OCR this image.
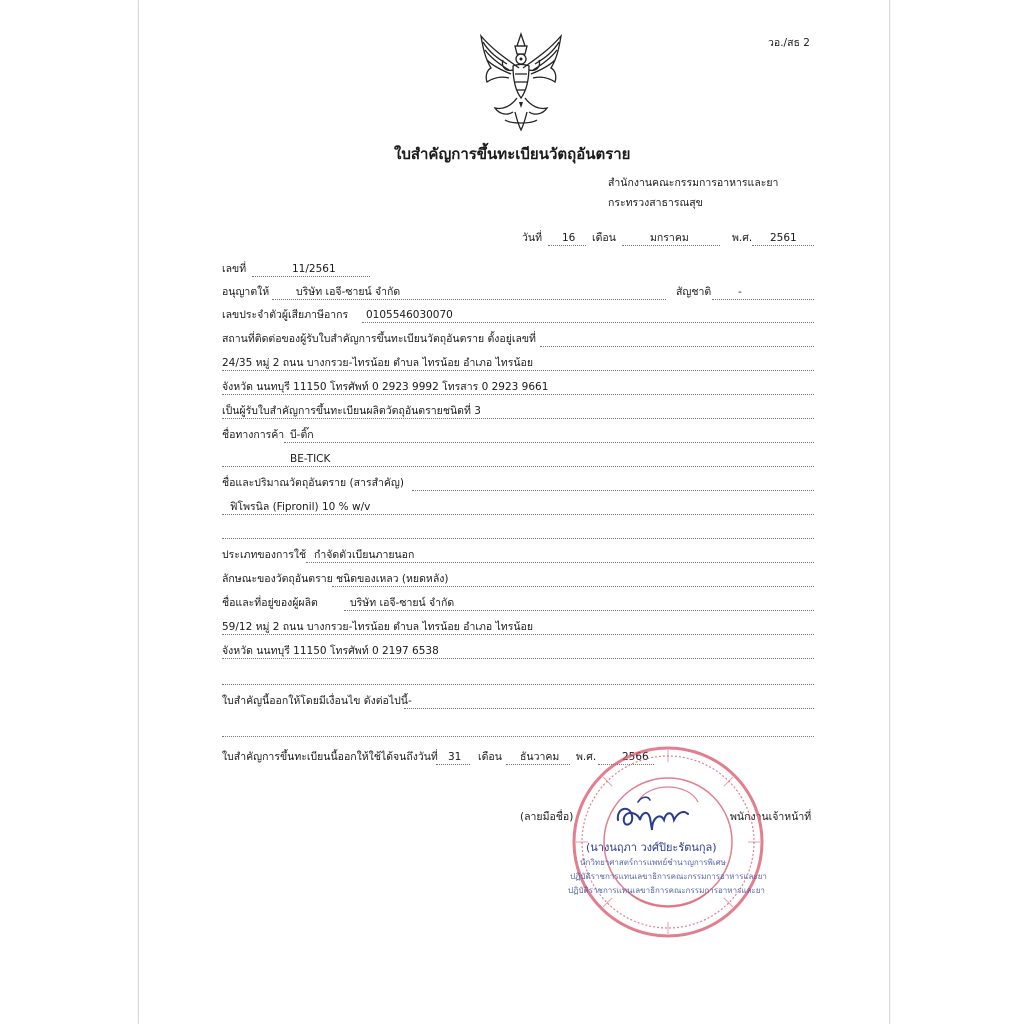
วอ./สธ 2
ใบสำคัญการขึ้นทะเบียนวัตถุอันตราย
สำนักงานคณะกรรมการอาหารและยา
กระทรวงสาธารณสุข
วันที่ 16 เดือน	มกราคม	พ.ศ. 2561
เลขที่	11/2561
อนุญาตให้	บริษัท เอจี-ซายน์ จำกัด	สัญชาติ	-
เลขประจำตัวผู้เสียภาษีอากร 0105546030070
สถานที่ติดต่อของผู้รับใบสำคัญการขึ้นทะเบียนวัตถุอันตราย ตั้งอยู่เลขที่
24/35 หมู่ 2 ถนน บางกรวย-ไทรน้อย ตำบล ไทรน้อย อำเภอ ไทรน้อย
จังหวัด นนทบุรี 11150 โทรศัพท์ 0 2923 9992 โทรสาร 0 2923 9661
เป็นผู้รับใบสำคัญการขึ้นทะเบียนผลิตวัตถุอันตรายชนิดที่ 3
ชื่อทางการค้า บี-ติ๊ก
BE-TICK
ชื่อและปริมาณวัตถุอันตราย (สารสำคัญ)
ฟิโพรนิล (Fipronil) 10 % w/v
ประเภทของการใช้ กำจัดตัวเบียนภายนอก
ลักษณะของวัตถุอันตราย ชนิดของเหลว (หยดหลัง)
ชื่อและที่อยู่ของผู้ผลิต	บริษัท เอจี-ซายน์ จำกัด
59/12 หมู่ 2 ถนน บางกรวย-ไทรน้อย ตำบล ไทรน้อย อำเภอ ไทรน้อย
จังหวัด นนทบุรี 11150 โทรศัพท์ 0 2197 6538
ใบสำคัญนี้ออกให้โดยมีเงื่อนไข ดังต่อไปนี้ -
ใบสำคัญการขึ้นทะเบียนนี้ออกให้ใช้ได้จนถึงวันที่ 31 เดือน ธันวาคม พ.ศ. 2566
(ลายมือชื่อ)	พนักงานเจ้าหน้าที่
(นางนฤภา วงศ์ปิยะรัตนกุล)
นักวิทยาศาสตร์การแพทย์ชำนาญการพิเศษ
ปฏิบัติราชการแทนเลขาธิการคณะกรรมการอาหารและยา
ปฏิบัติราชการแทนเลขาธิการคณะกรรมการอาหารและยา
